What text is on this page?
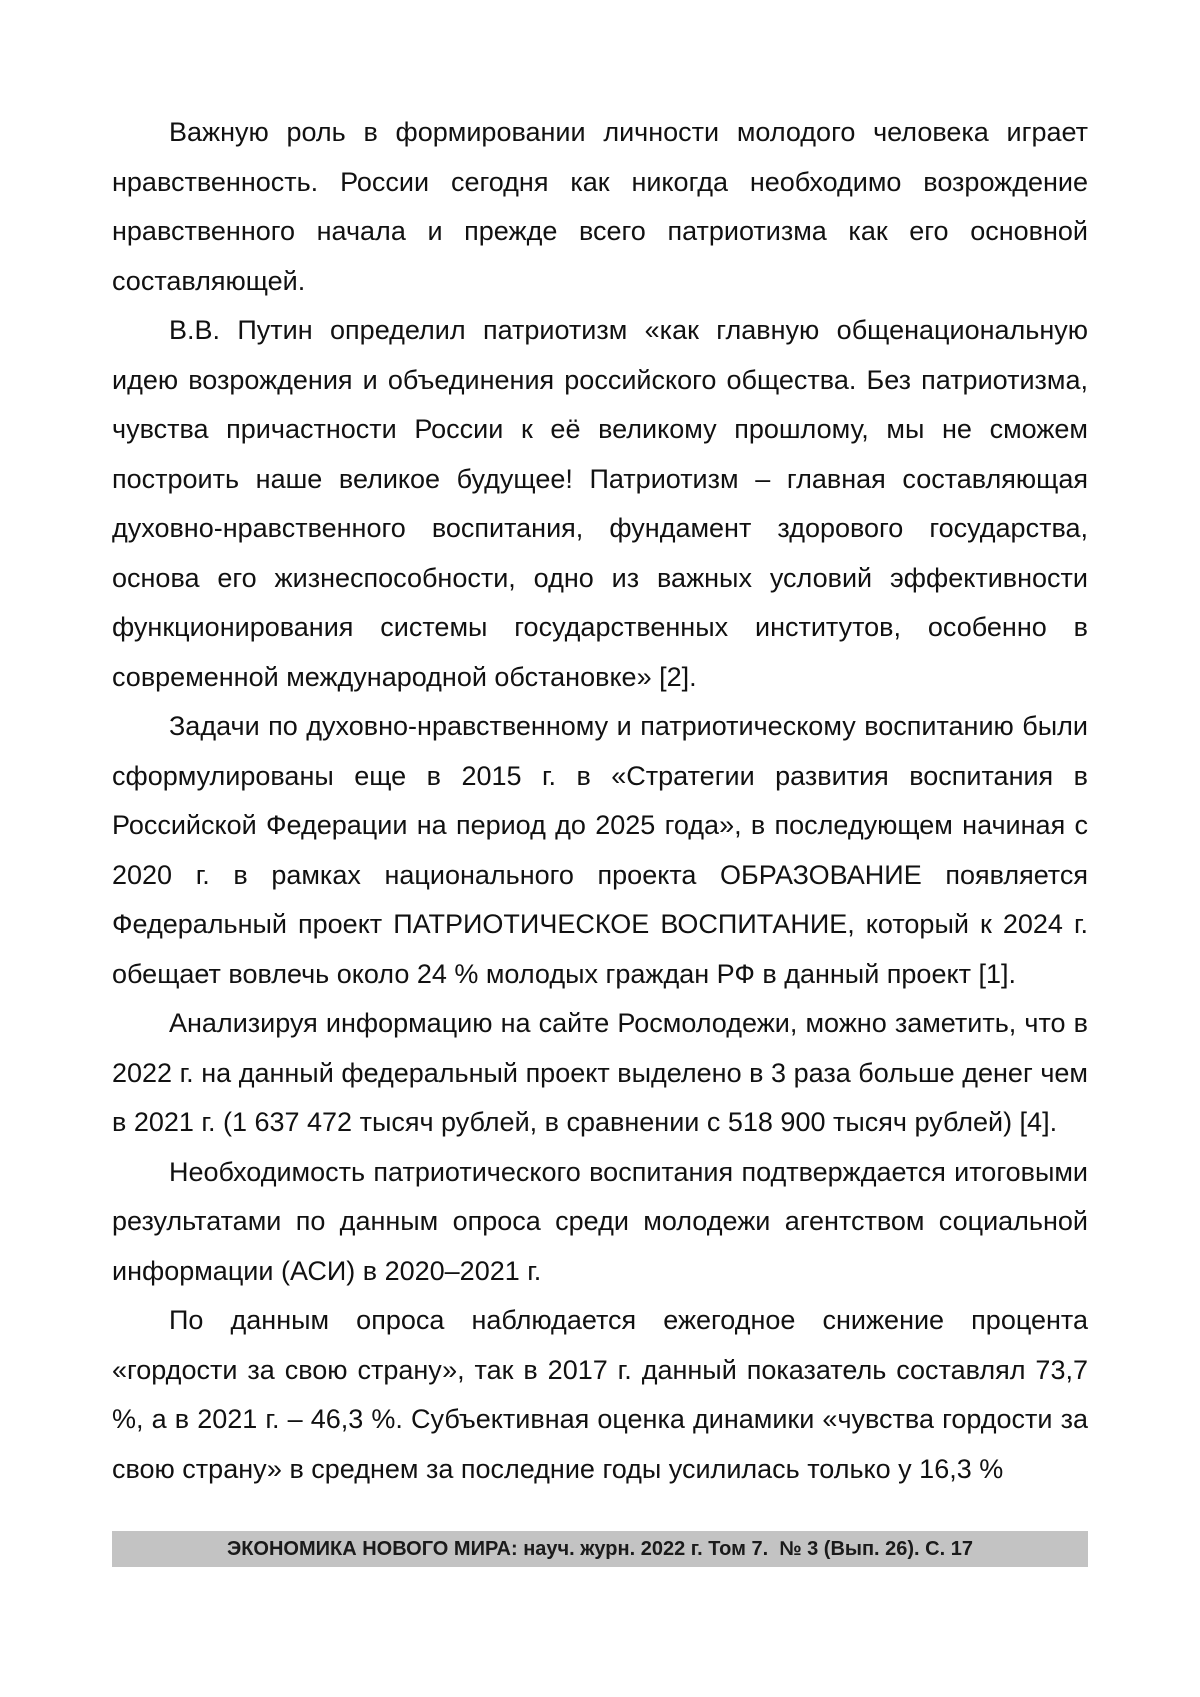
Важную роль в формировании личности молодого человека играет нравственность. России сегодня как никогда необходимо возрождение нравственного начала и прежде всего патриотизма как его основной составляющей.

В.В. Путин определил патриотизм «как главную общенациональную идею возрождения и объединения российского общества. Без патриотизма, чувства причастности России к её великому прошлому, мы не сможем построить наше великое будущее! Патриотизм – главная составляющая духовно-нравственного воспитания, фундамент здорового государства, основа его жизнеспособности, одно из важных условий эффективности функционирования системы государственных институтов, особенно в современной международной обстановке» [2].

Задачи по духовно-нравственному и патриотическому воспитанию были сформулированы еще в 2015 г. в «Стратегии развития воспитания в Российской Федерации на период до 2025 года», в последующем начиная с 2020 г. в рамках национального проекта ОБРАЗОВАНИЕ появляется Федеральный проект ПАТРИОТИЧЕСКОЕ ВОСПИТАНИЕ, который к 2024 г. обещает вовлечь около 24 % молодых граждан РФ в данный проект [1].

Анализируя информацию на сайте Росмолодежи, можно заметить, что в 2022 г. на данный федеральный проект выделено в 3 раза больше денег чем в 2021 г. (1 637 472 тысяч рублей, в сравнении с 518 900 тысяч рублей) [4].

Необходимость патриотического воспитания подтверждается итоговыми результатами по данным опроса среди молодежи агентством социальной информации (АСИ) в 2020–2021 г.

По данным опроса наблюдается ежегодное снижение процента «гордости за свою страну», так в 2017 г. данный показатель составлял 73,7 %, а в 2021 г. – 46,3 %. Субъективная оценка динамики «чувства гордости за свою страну» в среднем за последние годы усилилась только у 16,3 %

ЭКОНОМИКА НОВОГО МИРА: науч. журн. 2022 г. Том 7.  № 3 (Вып. 26). С. 17
